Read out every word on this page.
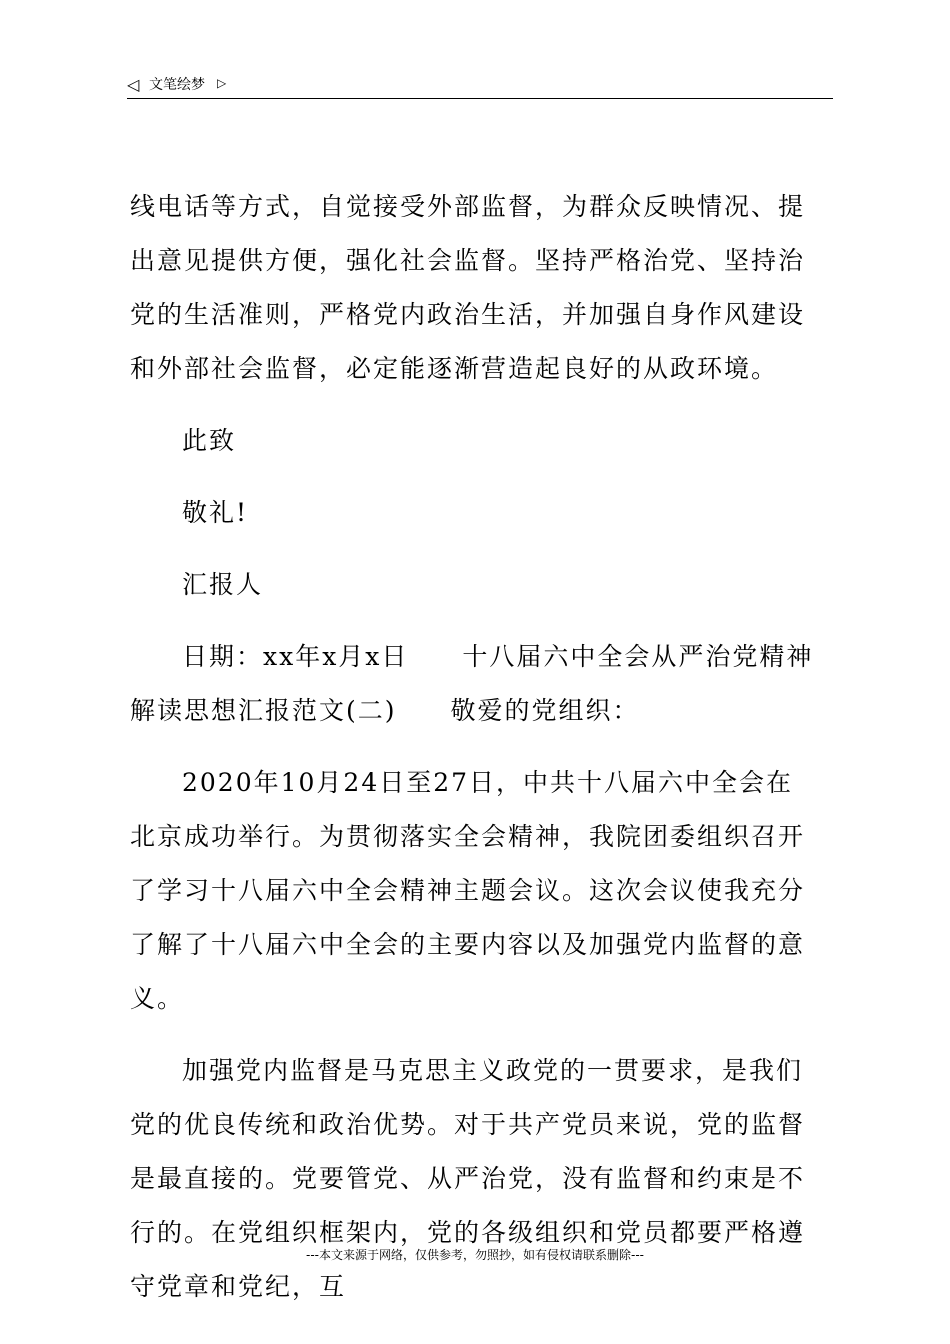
◁ 文笔绘梦 ▷

线电话等方式，自觉接受外部监督，为群众反映情况、提出意见提供方便，强化社会监督。坚持严格治党、坚持治党的生活准则，严格党内政治生活，并加强自身作风建设和外部社会监督，必定能逐渐营造起良好的从政环境。

此致

敬礼!

汇报人

日期：xx年x月x日　　十八届六中全会从严治党精神解读思想汇报范文(二)　　敬爱的党组织：

2020年10月24日至27日，中共十八届六中全会在北京成功举行。为贯彻落实全会精神，我院团委组织召开了学习十八届六中全会精神主题会议。这次会议使我充分了解了十八届六中全会的主要内容以及加强党内监督的意义。

加强党内监督是马克思主义政党的一贯要求，是我们党的优良传统和政治优势。对于共产党员来说，党的监督是最直接的。党要管党、从严治党，没有监督和约束是不行的。在党组织框架内，党的各级组织和党员都要严格遵守党章和党纪，互

---本文来源于网络，仅供参考，勿照抄，如有侵权请联系删除---
